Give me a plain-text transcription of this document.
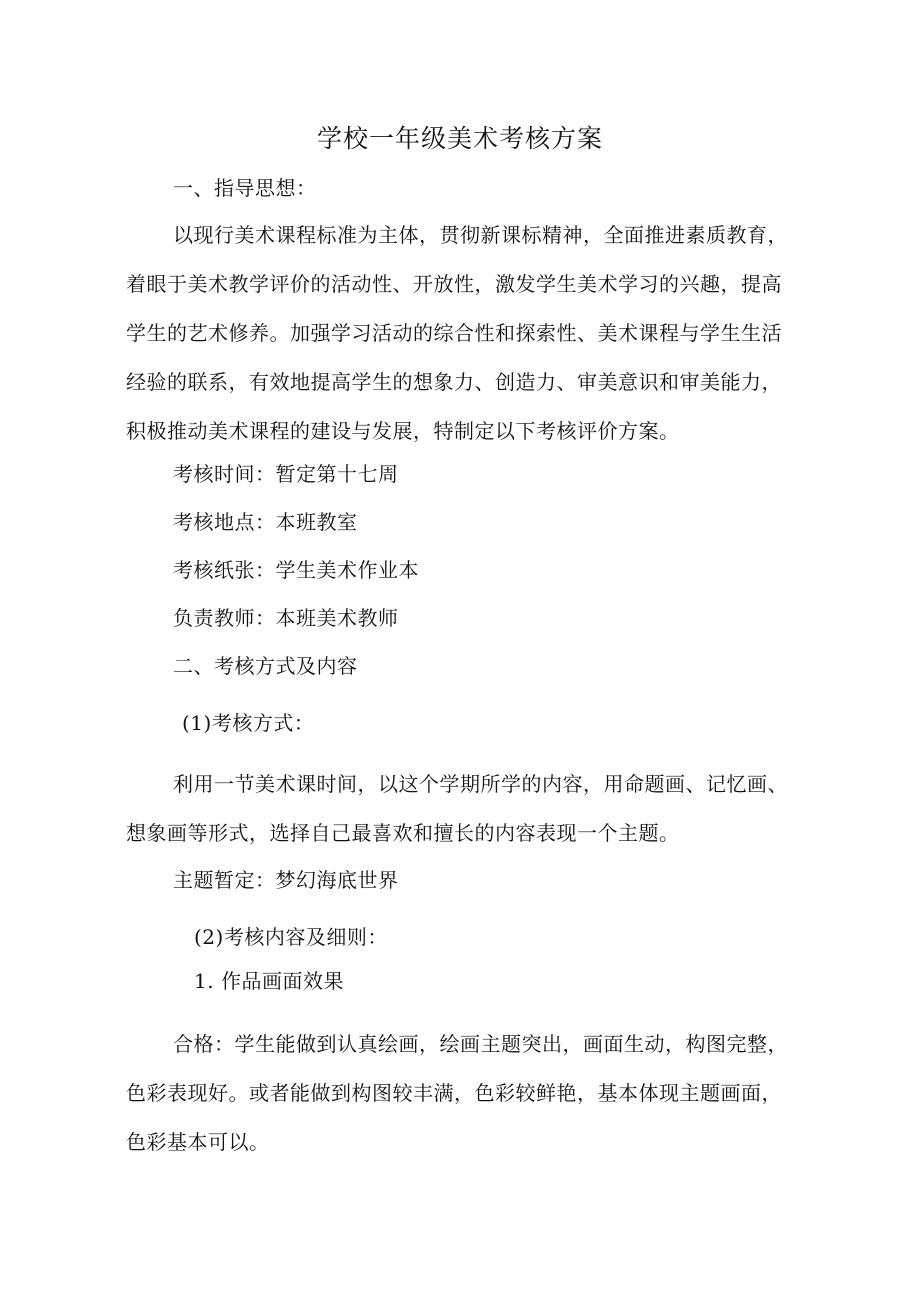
学校一年级美术考核方案
一、指导思想：
以现行美术课程标准为主体，贯彻新课标精神，全面推进素质教育，
着眼于美术教学评价的活动性、开放性，激发学生美术学习的兴趣，提高
学生的艺术修养。加强学习活动的综合性和探索性、美术课程与学生生活
经验的联系，有效地提高学生的想象力、创造力、审美意识和审美能力，
积极推动美术课程的建设与发展，特制定以下考核评价方案。
考核时间：暂定第十七周
考核地点：本班教室
考核纸张：学生美术作业本
负责教师：本班美术教师
二、考核方式及内容
(1)考核方式：
利用一节美术课时间，以这个学期所学的内容，用命题画、记忆画、
想象画等形式，选择自己最喜欢和擅长的内容表现一个主题。
主题暂定：梦幻海底世界
(2)考核内容及细则：
1. 作品画面效果
合格：学生能做到认真绘画，绘画主题突出，画面生动，构图完整，
色彩表现好。或者能做到构图较丰满，色彩较鲜艳，基本体现主题画面，
色彩基本可以。
